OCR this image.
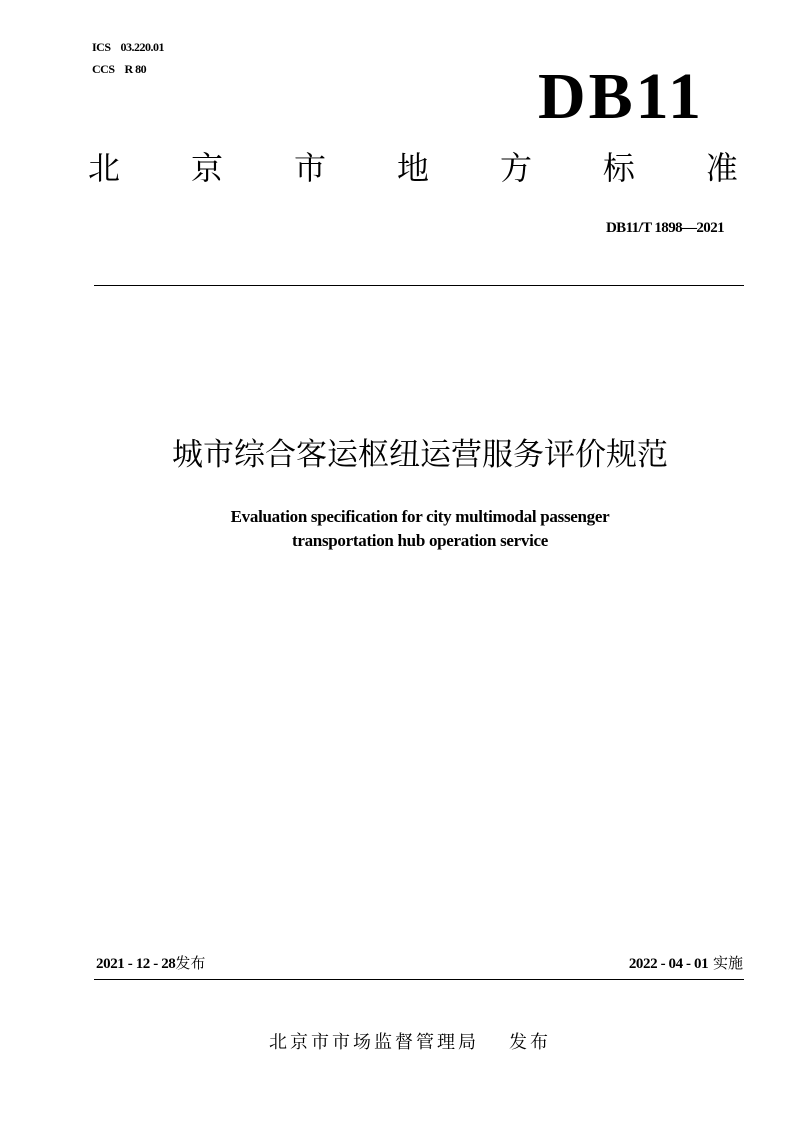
ICS 03.220.01
CCS R 80	DB11
北 京 市 地 方 标 准
DB11/T 1898—2021
城市综合客运枢纽运营服务评价规范
Evaluation specification for city multimodal passenger
transportation hub operation service
2021 - 12 - 28发布	2022 - 04 - 01 实施
北京市市场监督管理局 发布
